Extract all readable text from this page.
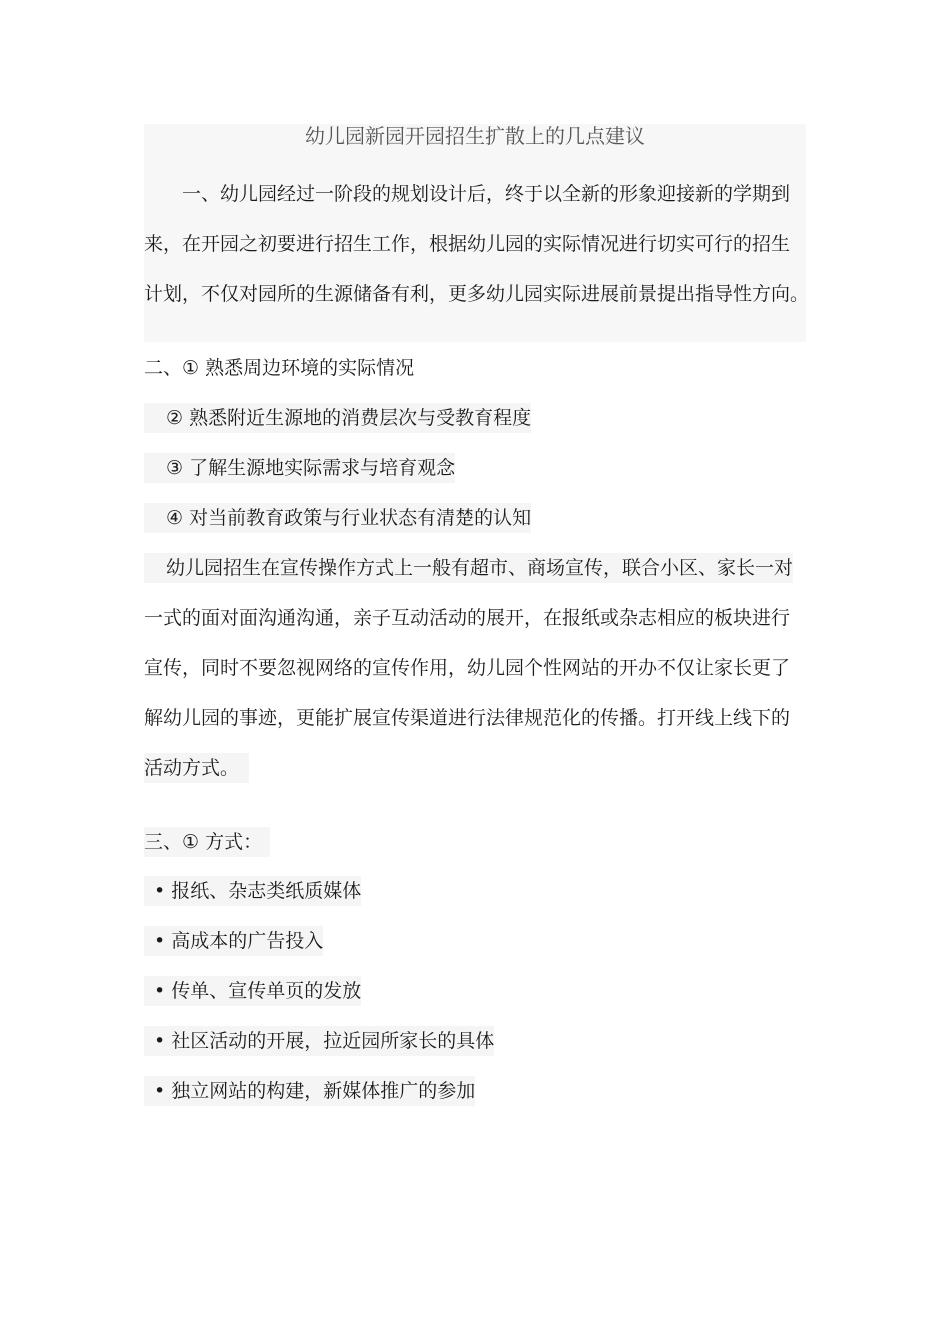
幼儿园新园开园招生扩散上的几点建议
一、幼儿园经过一阶段的规划设计后，终于以全新的形象迎接新的学期到
来，在开园之初要进行招生工作，根据幼儿园的实际情况进行切实可行的招生
计划，不仅对园所的生源储备有利，更多幼儿园实际进展前景提出指导性方向。
二、① 熟悉周边环境的实际情况
② 熟悉附近生源地的消费层次与受教育程度
③ 了解生源地实际需求与培育观念
④ 对当前教育政策与行业状态有清楚的认知
幼儿园招生在宣传操作方式上一般有超市、商场宣传，联合小区、家长一对
一式的面对面沟通沟通，亲子互动活动的展开，在报纸或杂志相应的板块进行
宣传，同时不要忽视网络的宣传作用，幼儿园个性网站的开办不仅让家长更了
解幼儿园的事迹，更能扩展宣传渠道进行法律规范化的传播。打开线上线下的
活动方式。
三、① 方式：
• 报纸、杂志类纸质媒体
• 高成本的广告投入
• 传单、宣传单页的发放
• 社区活动的开展，拉近园所家长的具体
• 独立网站的构建，新媒体推广的参加
